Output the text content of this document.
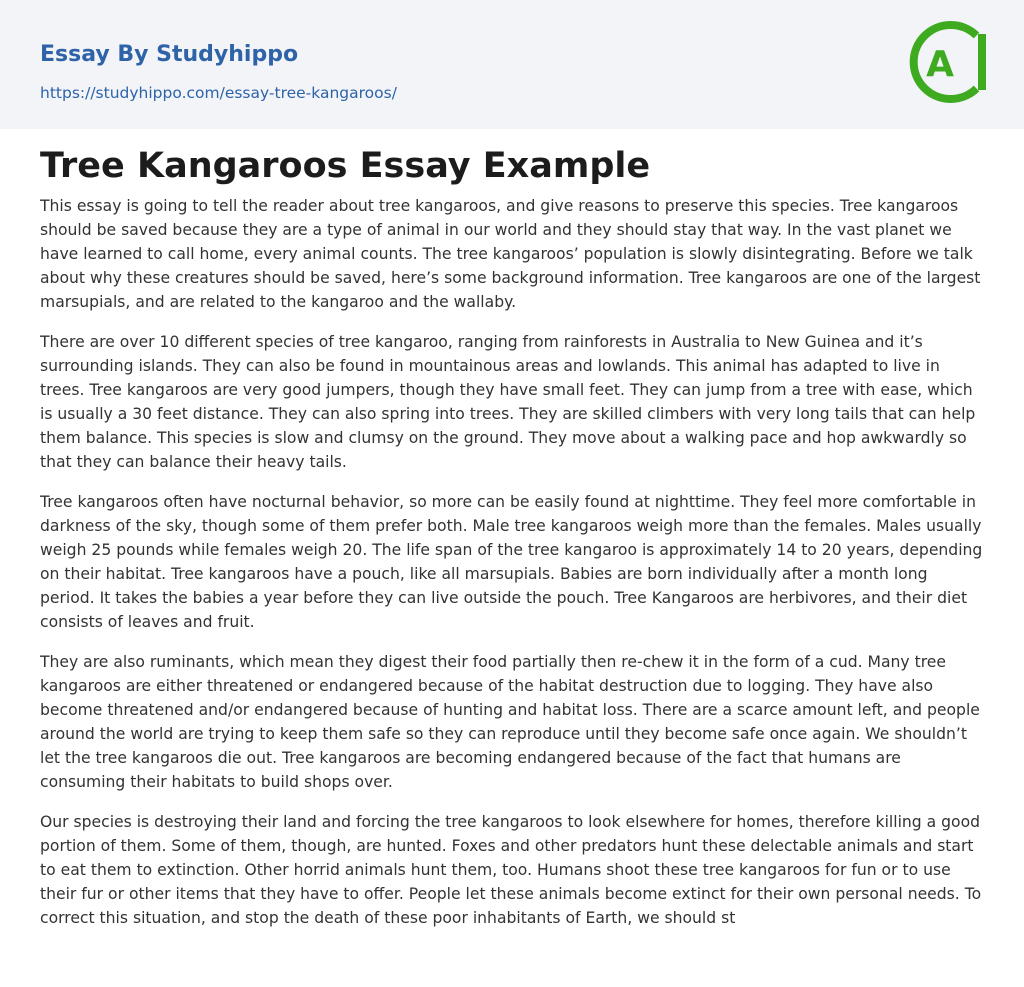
Essay By Studyhippo
https://studyhippo.com/essay-tree-kangaroos/
A
Tree Kangaroos Essay Example

This essay is going to tell the reader about tree kangaroos, and give reasons to preserve this species. Tree kangaroos should be saved because they are a type of animal in our world and they should stay that way. In the vast planet we have learned to call home, every animal counts. The tree kangaroos’ population is slowly disintegrating. Before we talk about why these creatures should be saved, here’s some background information. Tree kangaroos are one of the largest marsupials, and are related to the kangaroo and the wallaby.

There are over 10 different species of tree kangaroo, ranging from rainforests in Australia to New Guinea and it’s surrounding islands. They can also be found in mountainous areas and lowlands. This animal has adapted to live in trees. Tree kangaroos are very good jumpers, though they have small feet. They can jump from a tree with ease, which is usually a 30 feet distance. They can also spring into trees. They are skilled climbers with very long tails that can help them balance. This species is slow and clumsy on the ground. They move about a walking pace and hop awkwardly so that they can balance their heavy tails.

Tree kangaroos often have nocturnal behavior, so more can be easily found at nighttime. They feel more comfortable in darkness of the sky, though some of them prefer both. Male tree kangaroos weigh more than the females. Males usually weigh 25 pounds while females weigh 20. The life span of the tree kangaroo is approximately 14 to 20 years, depending on their habitat. Tree kangaroos have a pouch, like all marsupials. Babies are born individually after a month long period. It takes the babies a year before they can live outside the pouch. Tree Kangaroos are herbivores, and their diet consists of leaves and fruit.

They are also ruminants, which mean they digest their food partially then re-chew it in the form of a cud. Many tree kangaroos are either threatened or endangered because of the habitat destruction due to logging. They have also become threatened and/or endangered because of hunting and habitat loss. There are a scarce amount left, and people around the world are trying to keep them safe so they can reproduce until they become safe once again. We shouldn’t let the tree kangaroos die out. Tree kangaroos are becoming endangered because of the fact that humans are consuming their habitats to build shops over.

Our species is destroying their land and forcing the tree kangaroos to look elsewhere for homes, therefore killing a good portion of them. Some of them, though, are hunted. Foxes and other predators hunt these delectable animals and start to eat them to extinction. Other horrid animals hunt them, too. Humans shoot these tree kangaroos for fun or to use their fur or other items that they have to offer. People let these animals become extinct for their own personal needs. To correct this situation, and stop the death of these poor inhabitants of Earth, we should st
